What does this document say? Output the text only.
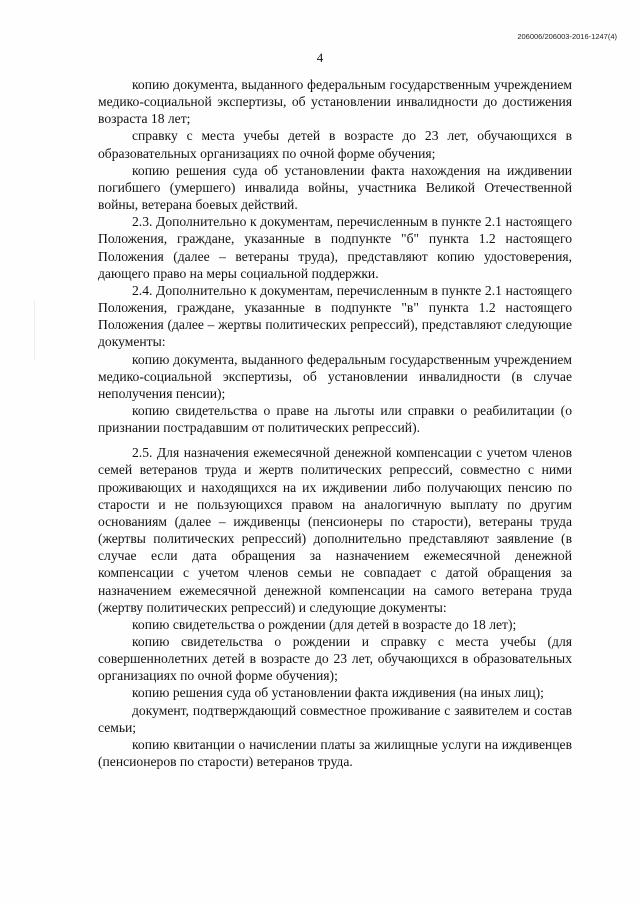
206006/206003-2016-1247(4)
4

копию документа, выданного федеральным государственным учреждением медико-социальной экспертизы, об установлении инвалидности до достижения возраста 18 лет;

справку с места учебы детей в возрасте до 23 лет, обучающихся в образовательных организациях по очной форме обучения;

копию решения суда об установлении факта нахождения на иждивении погибшего (умершего) инвалида войны, участника Великой Отечественной войны, ветерана боевых действий.

2.3. Дополнительно к документам, перечисленным в пункте 2.1 настоящего Положения, граждане, указанные в подпункте "б" пункта 1.2 настоящего Положения (далее – ветераны труда), представляют копию удостоверения, дающего право на меры социальной поддержки.

2.4. Дополнительно к документам, перечисленным в пункте 2.1 настоящего Положения, граждане, указанные в подпункте "в" пункта 1.2 настоящего Положения (далее – жертвы политических репрессий), представляют следующие документы:

копию документа, выданного федеральным государственным учреждением медико-социальной экспертизы, об установлении инвалидности (в случае неполучения пенсии);

копию свидетельства о праве на льготы или справки о реабилитации (о признании пострадавшим от политических репрессий).

2.5. Для назначения ежемесячной денежной компенсации с учетом членов семей ветеранов труда и жертв политических репрессий, совместно с ними проживающих и находящихся на их иждивении либо получающих пенсию по старости и не пользующихся правом на аналогичную выплату по другим основаниям (далее – иждивенцы (пенсионеры по старости), ветераны труда (жертвы политических репрессий) дополнительно представляют заявление (в случае если дата обращения за назначением ежемесячной денежной компенсации с учетом членов семьи не совпадает с датой обращения за назначением ежемесячной денежной компенсации на самого ветерана труда (жертву политических репрессий) и следующие документы:

копию свидетельства о рождении (для детей в возрасте до 18 лет);

копию свидетельства о рождении и справку с места учебы (для совершеннолетних детей в возрасте до 23 лет, обучающихся в образовательных организациях по очной форме обучения);

копию решения суда об установлении факта иждивения (на иных лиц);

документ, подтверждающий совместное проживание с заявителем и состав семьи;

копию квитанции о начислении платы за жилищные услуги на иждивенцев (пенсионеров по старости) ветеранов труда.
